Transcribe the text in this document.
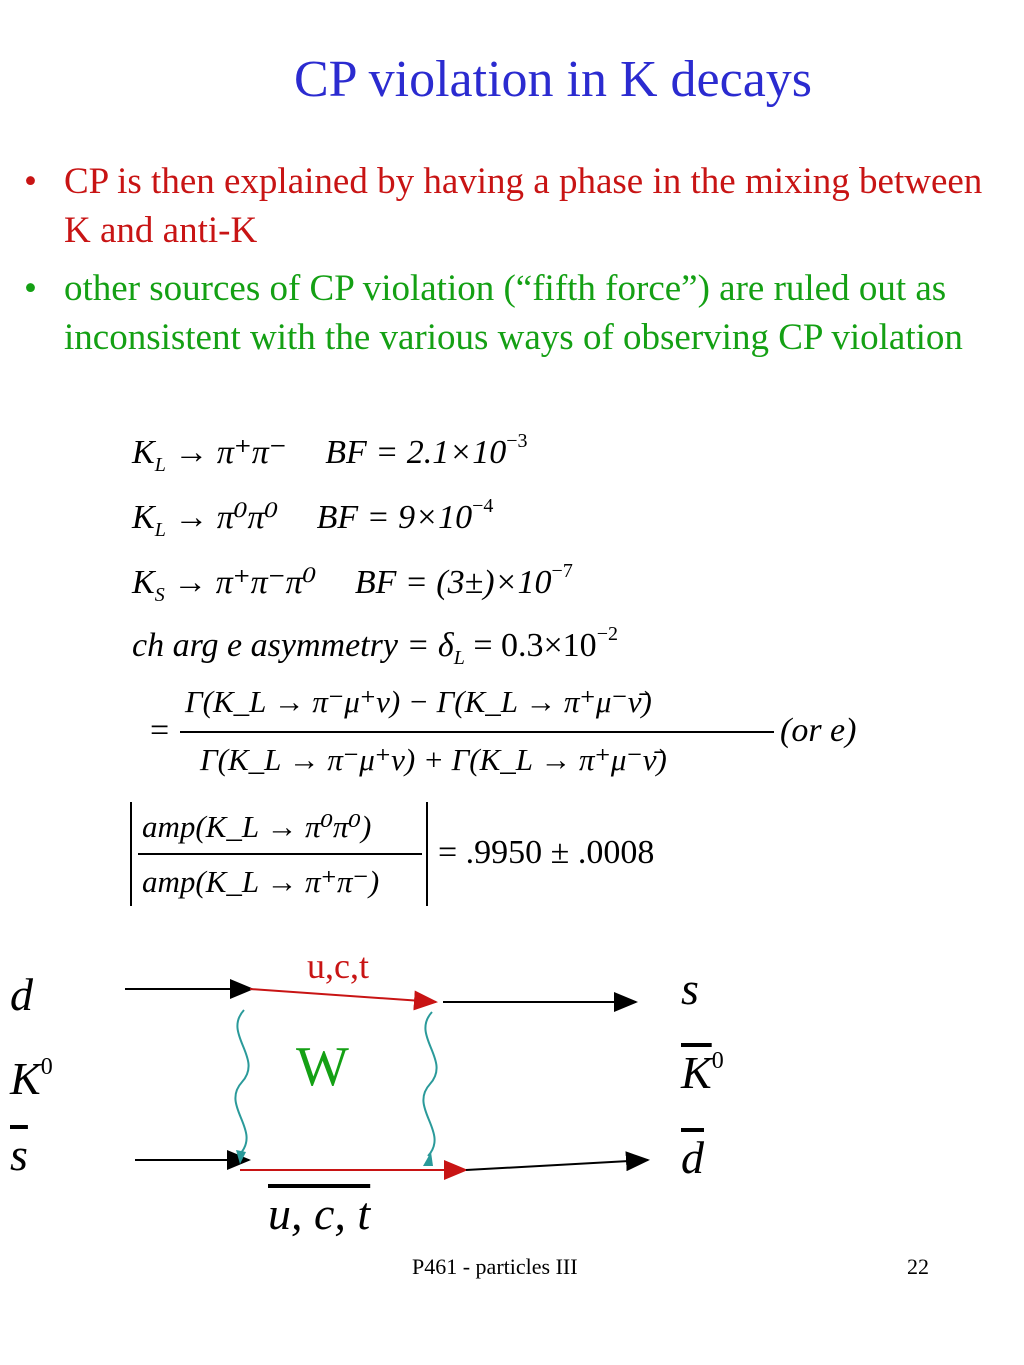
CP violation in K decays
• CP is then explained by having a phase in the mixing between K and anti-K
• other sources of CP violation (“fifth force”) are ruled out as inconsistent with the various ways of observing CP violation
$K_L \to \pi^+\pi^-$ BF = $2.1\times 10^{-3}$
$K_L \to \pi^0\pi^0$ BF = $9\times 10^{-4}$
$K_S \to \pi^+\pi^-\pi^0$ BF = $(3\pm)\times 10^{-7}$
ch arg e asymmetry = $\delta_L = 0.3\times 10^{-2}$
=
Γ(K_L → π⁻μ⁺ν) − Γ(K_L → π⁺μ⁻ν̄)
Γ(K_L → π⁻μ⁺ν) + Γ(K_L → π⁺μ⁻ν̄)
(or e)
amp(K_L → π⁰π⁰)
amp(K_L → π⁺π⁻)
= .9950 ± .0008
u,c,t
W
u, c, t
d
$K^0$
$\overline{s}$
s
$\overline{K}^0$
$\overline{d}$
P461 - particles III	22
